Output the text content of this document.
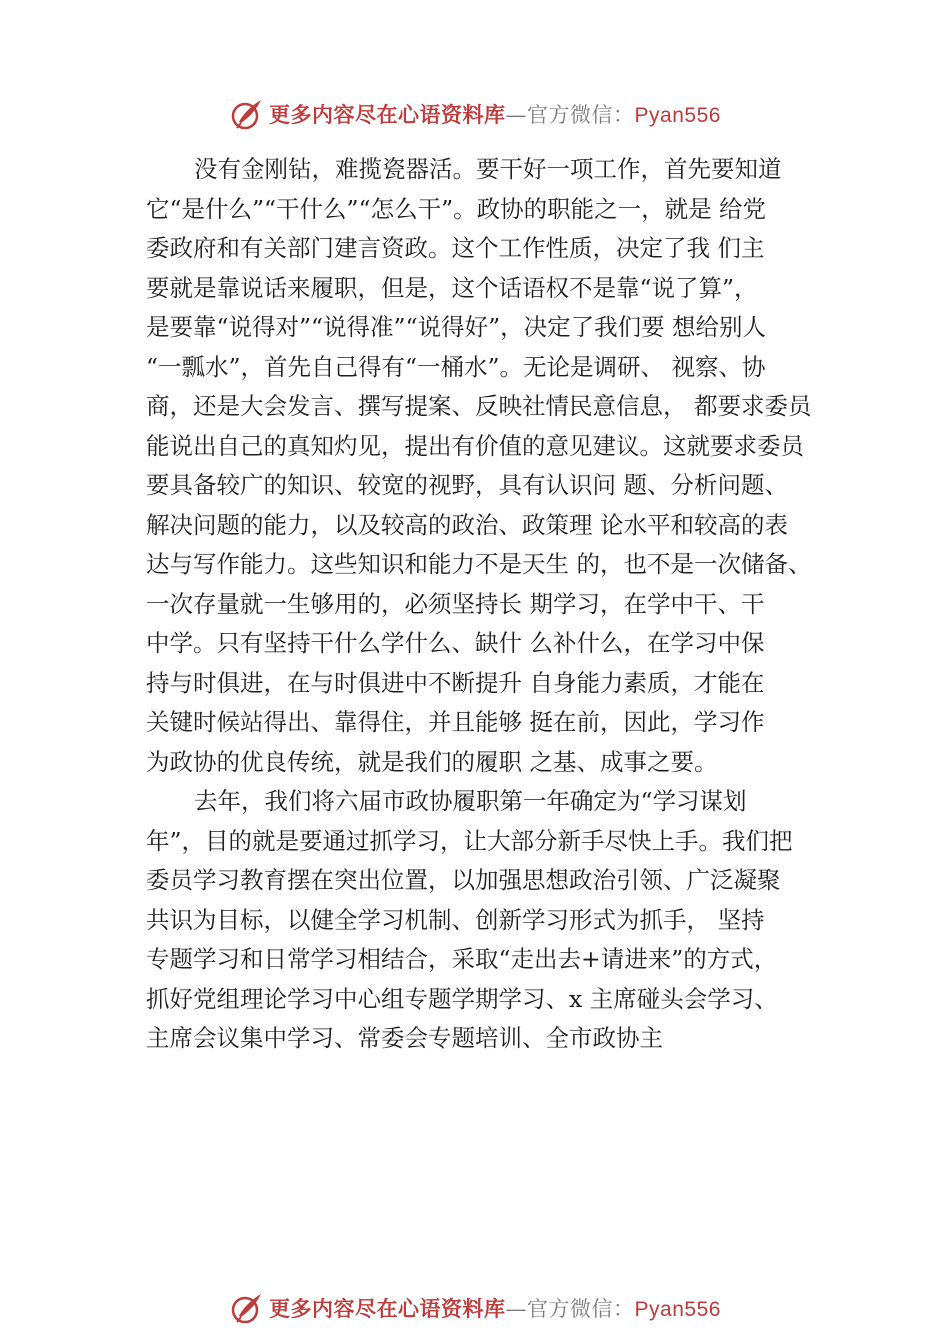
更多内容尽在心语资料库—官方微信：Pyan556
没有金刚钻，难揽瓷器活。要干好一项工作，首先要知道
它“是什么”“干什么”“怎么干”。政协的职能之一，就是 给党
委政府和有关部门建言资政。这个工作性质，决定了我 们主
要就是靠说话来履职，但是，这个话语权不是靠“说了算”，
是要靠“说得对”“说得准”“说得好”，决定了我们要 想给别人
“一瓢水”，首先自己得有“一桶水”。无论是调研、 视察、协
商，还是大会发言、撰写提案、反映社情民意信息， 都要求委员
能说出自己的真知灼见，提出有价值的意见建议。这就要求委员
要具备较广的知识、较宽的视野，具有认识问 题、分析问题、
解决问题的能力，以及较高的政治、政策理 论水平和较高的表
达与写作能力。这些知识和能力不是天生 的，也不是一次储备、
一次存量就一生够用的，必须坚持长 期学习，在学中干、干
中学。只有坚持干什么学什么、缺什 么补什么，在学习中保
持与时俱进，在与时俱进中不断提升 自身能力素质，才能在
关键时候站得出、靠得住，并且能够 挺在前，因此，学习作
为政协的优良传统，就是我们的履职 之基、成事之要。
去年，我们将六届市政协履职第一年确定为“学习谋划
年”，目的就是要通过抓学习，让大部分新手尽快上手。我们把
委员学习教育摆在突出位置，以加强思想政治引领、广泛凝聚
共识为目标，以健全学习机制、创新学习形式为抓手， 坚持
专题学习和日常学习相结合，采取“走出去+请进来”的方式，
抓好党组理论学习中心组专题学期学习、x 主席碰头会学习、
主席会议集中学习、常委会专题培训、全市政协主
更多内容尽在心语资料库—官方微信：Pyan556
